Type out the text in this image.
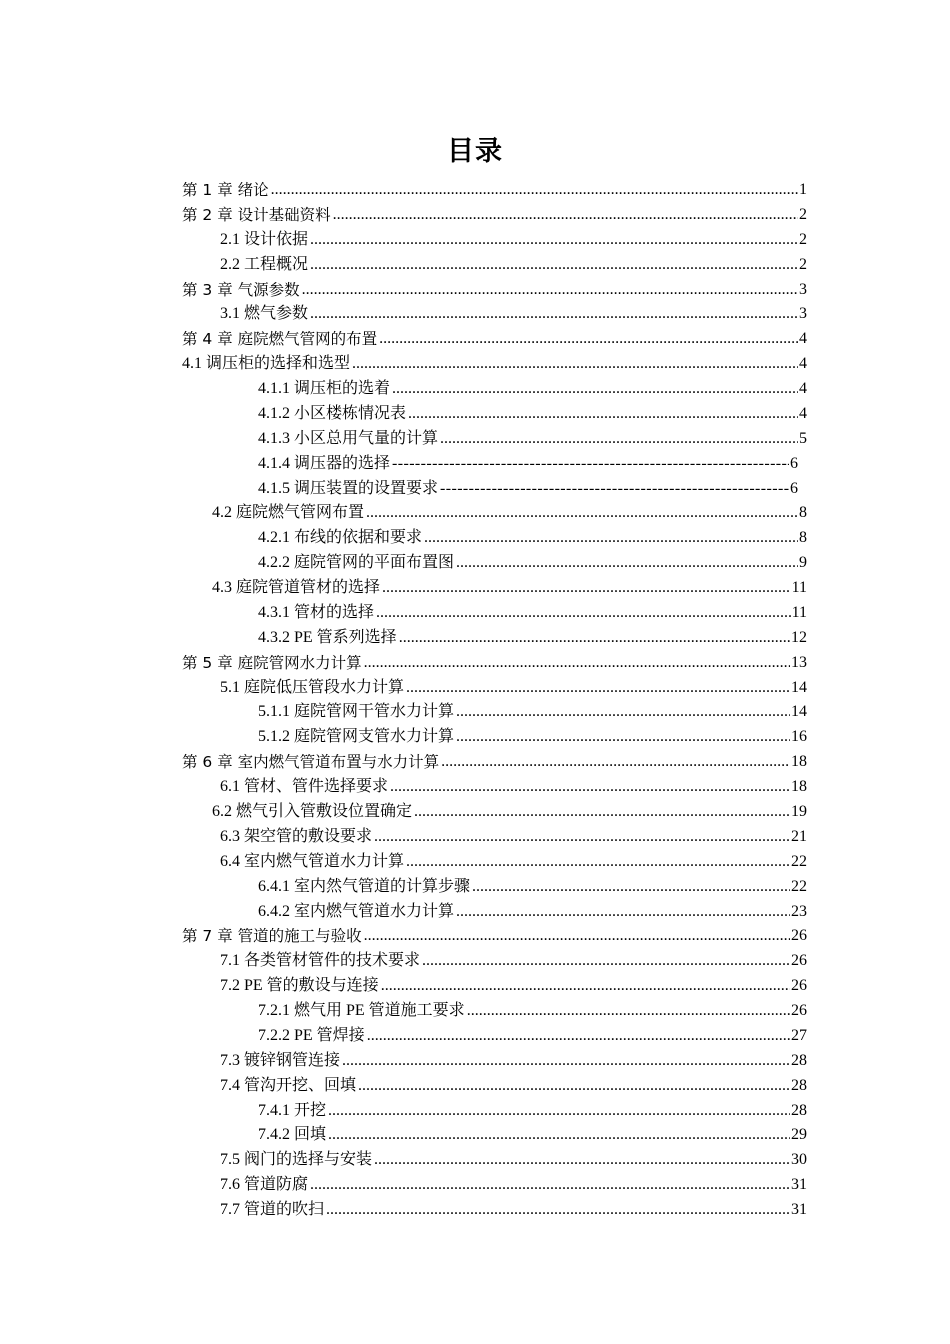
目录
第 1 章 绪论 .....	1
第 2 章 设计基础资料 .....	2
2.1 设计依据 .....	2
2.2 工程概况 .....	2
第 3 章 气源参数 .....	3
3.1 燃气参数 .....	3
第 4 章 庭院燃气管网的布置 .....	4
4.1 调压柜的选择和选型 .....	4
4.1.1 调压柜的选着 .....	4
4.1.2 小区楼栋情况表 .....	4
4.1.3 小区总用气量的计算 .....	5
4.1.4 调压器的选择 -----	6
4.1.5 调压装置的设置要求 -----	6
4.2 庭院燃气管网布置 .....	8
4.2.1 布线的依据和要求 .....	8
4.2.2 庭院管网的平面布置图 .....	9
4.3 庭院管道管材的选择 .....	11
4.3.1 管材的选择 .....	11
4.3.2 PE 管系列选择 .....	12
第 5 章 庭院管网水力计算 .....	13
5.1 庭院低压管段水力计算 .....	14
5.1.1 庭院管网干管水力计算 .....	14
5.1.2 庭院管网支管水力计算 .....	16
第 6 章 室内燃气管道布置与水力计算 .....	18
6.1 管材、管件选择要求 .....	18
6.2 燃气引入管敷设位置确定 .....	19
6.3 架空管的敷设要求 .....	21
6.4 室内燃气管道水力计算 .....	22
6.4.1 室内然气管道的计算步骤 .....	22
6.4.2 室内燃气管道水力计算 .....	23
第 7 章 管道的施工与验收 .....	26
7.1 各类管材管件的技术要求 .....	26
7.2 PE 管的敷设与连接 .....	26
7.2.1 燃气用 PE 管道施工要求 .....	26
7.2.2 PE 管焊接 .....	27
7.3 镀锌钢管连接 .....	28
7.4 管沟开挖、回填 .....	28
7.4.1 开挖 .....	28
7.4.2 回填 .....	29
7.5 阀门的选择与安装 .....	30
7.6 管道防腐 .....	31
7.7 管道的吹扫 .....	31
